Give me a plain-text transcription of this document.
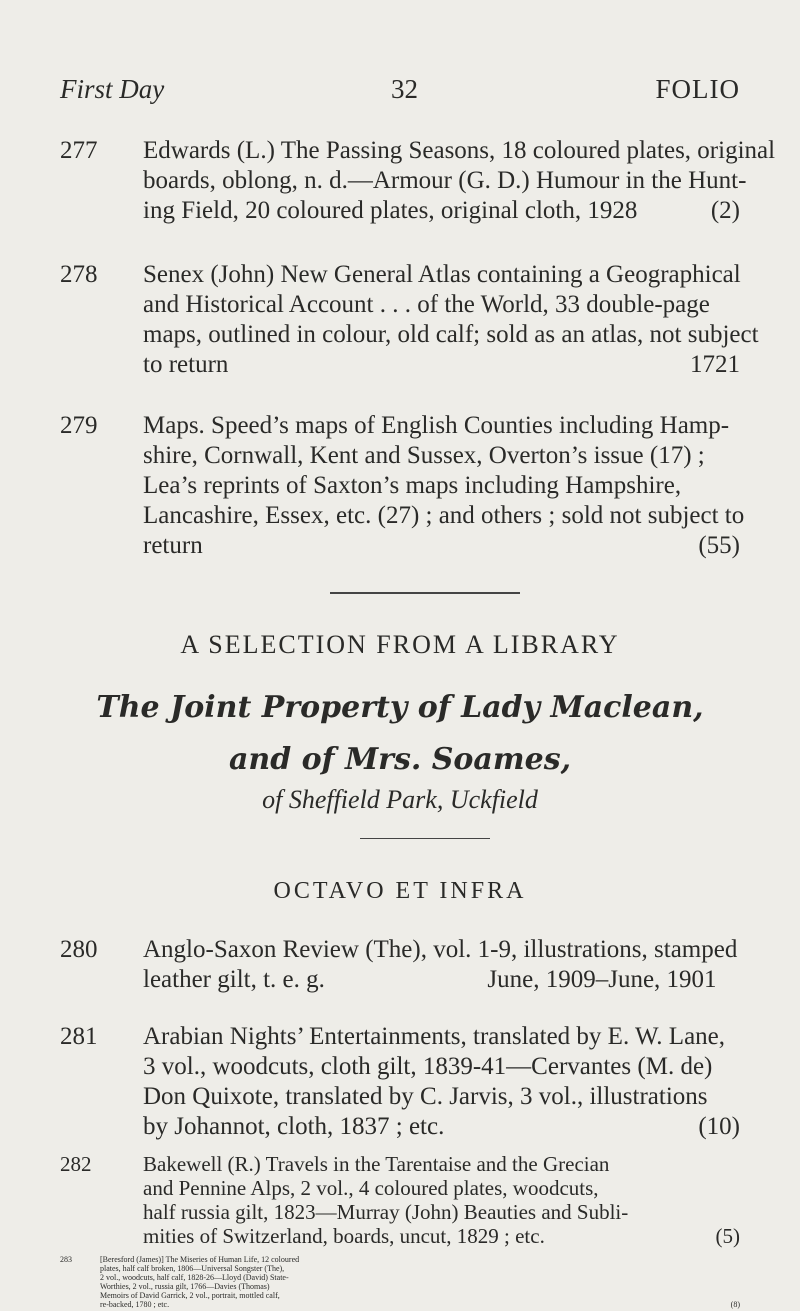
First Day	32	FOLIO
277 Edwards (L.) The Passing Seasons, 18 coloured plates, original
boards, oblong, n. d.—Armour (G. D.) Humour in the Hunt-
ing Field, 20 coloured plates, original cloth, 1928	(2)
278 Senex (John) New General Atlas containing a Geographical
and Historical Account . . . of the World, 33 double-page
maps, outlined in colour, old calf; sold as an atlas, not subject
to return	1721
279 Maps. Speed’s maps of English Counties including Hamp-
shire, Cornwall, Kent and Sussex, Overton’s issue (17) ;
Lea’s reprints of Saxton’s maps including Hampshire,
Lancashire, Essex, etc. (27) ; and others ; sold not subject to
return	(55)
A SELECTION FROM A LIBRARY
The Joint Property of Lady Maclean,
and of Mrs. Soames,
of Sheffield Park, Uckfield
OCTAVO ET INFRA
280 Anglo-Saxon Review (The), vol. 1-9, illustrations, stamped
leather gilt, t. e. g.                          June, 1909–June, 1901
281 Arabian Nights’ Entertainments, translated by E. W. Lane,
3 vol., woodcuts, cloth gilt, 1839-41—Cervantes (M. de)
Don Quixote, translated by C. Jarvis, 3 vol., illustrations
by Johannot, cloth, 1837 ; etc.	(10)
282 Bakewell (R.) Travels in the Tarentaise and the Grecian
and Pennine Alps, 2 vol., 4 coloured plates, woodcuts,
half russia gilt, 1823—Murray (John) Beauties and Subli-
mities of Switzerland, boards, uncut, 1829 ; etc.	(5)
283	[Beresford (James)] The Miseries of Human Life, 12 coloured
plates, half calf broken, 1806—Universal Songster (The),
2 vol., woodcuts, half calf, 1828-26—Lloyd (David) State-
Worthies, 2 vol., russia gilt, 1766—Davies (Thomas)
Memoirs of David Garrick, 2 vol., portrait, mottled calf,
re-backed, 1780 ; etc.	(8)
